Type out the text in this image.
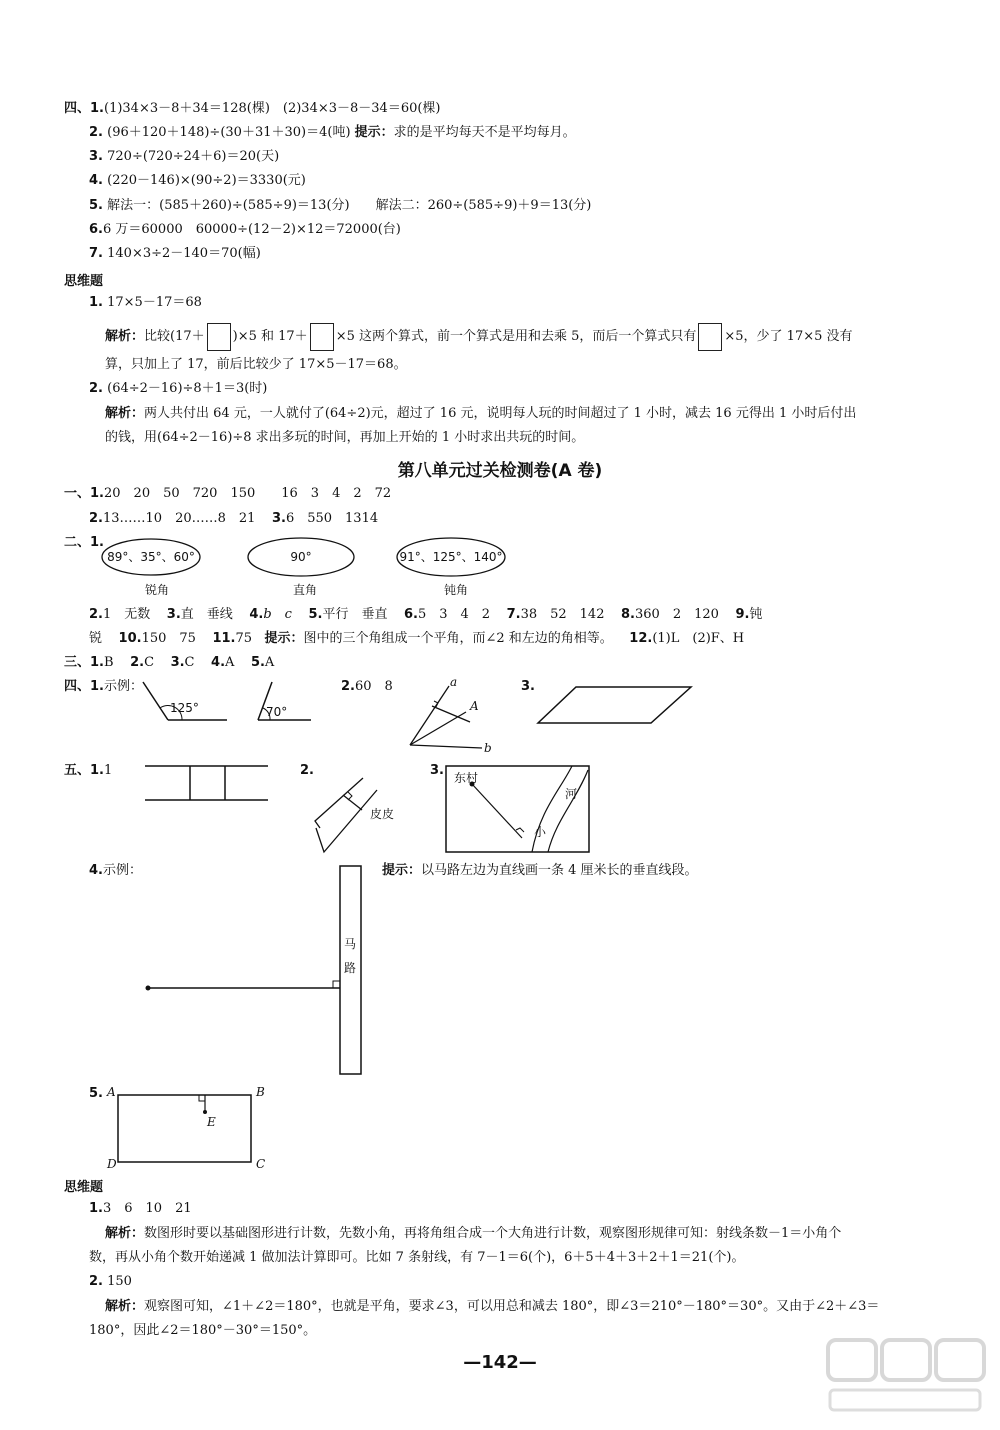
四、1.(1)34×3－8＋34＝128(棵)　(2)34×3－8－34＝60(棵)
2. (96＋120＋148)÷(30＋31＋30)＝4(吨) 提示：求的是平均每天不是平均每月。
3. 720÷(720÷24＋6)＝20(天)
4. (220－146)×(90÷2)＝3330(元)
5. 解法一：(585＋260)÷(585÷9)＝13(分)　　解法二：260÷(585÷9)＋9＝13(分)
6.6 万＝60000　60000÷(12－2)×12＝72000(台)
7. 140×3÷2－140＝70(幅)
思维题
1. 17×5－17＝68
解析：比较(17＋ )×5 和 17＋ ×5 这两个算式，前一个算式是用和去乘 5，而后一个算式只有 ×5，少了 17×5 没有
算，只加上了 17，前后比较少了 17×5－17＝68。
2. (64÷2－16)÷8＋1＝3(时)
解析：两人共付出 64 元，一人就付了(64÷2)元，超过了 16 元，说明每人玩的时间超过了 1 小时，减去 16 元得出 1 小时后付出
的钱，用(64÷2－16)÷8 求出多玩的时间，再加上开始的 1 小时求出共玩的时间。
第八单元过关检测卷(A 卷)
一、1.20　20　50　720　150　　16　3　4　2　72
2.13……10　20……8　21 3.6　550　1314
二、1.
89°、35°、60°	90°	91°、125°、140°
锐角	直角	钝角
2.1　无数 3.直　垂线 4.b　c 5.平行　垂直 6.5　3　4　2 7.38　52　142 8.360　2　120 9.钝
锐 10.150　75 11.75 提示：图中的三个角组成一个平角，而∠2 和左边的角相等。 12.(1)L　(2)F、H
三、1.B 2.C 3.C 4.A 5.A
四、1.示例：	2.60　8	3.
125°	70°
a
A
b
五、1.1	2.	3.
皮皮
东村
河
小
4.示例：	提示：以马路左边为直线画一条 4 厘米长的垂直线段。
马
路
5. A	B
C
D
E
思维题
1.3　6　10　21
解析：数图形时要以基础图形进行计数，先数小角，再将角组合成一个大角进行计数，观察图形规律可知：射线条数－1＝小角个
数，再从小角个数开始递减 1 做加法计算即可。比如 7 条射线，有 7－1＝6(个)，6＋5＋4＋3＋2＋1＝21(个)。
2. 150
解析：观察图可知，∠1＋∠2＝180°，也就是平角，要求∠3，可以用总和减去 180°，即∠3＝210°－180°＝30°。又由于∠2＋∠3＝
180°，因此∠2＝180°－30°＝150°。
—142—
